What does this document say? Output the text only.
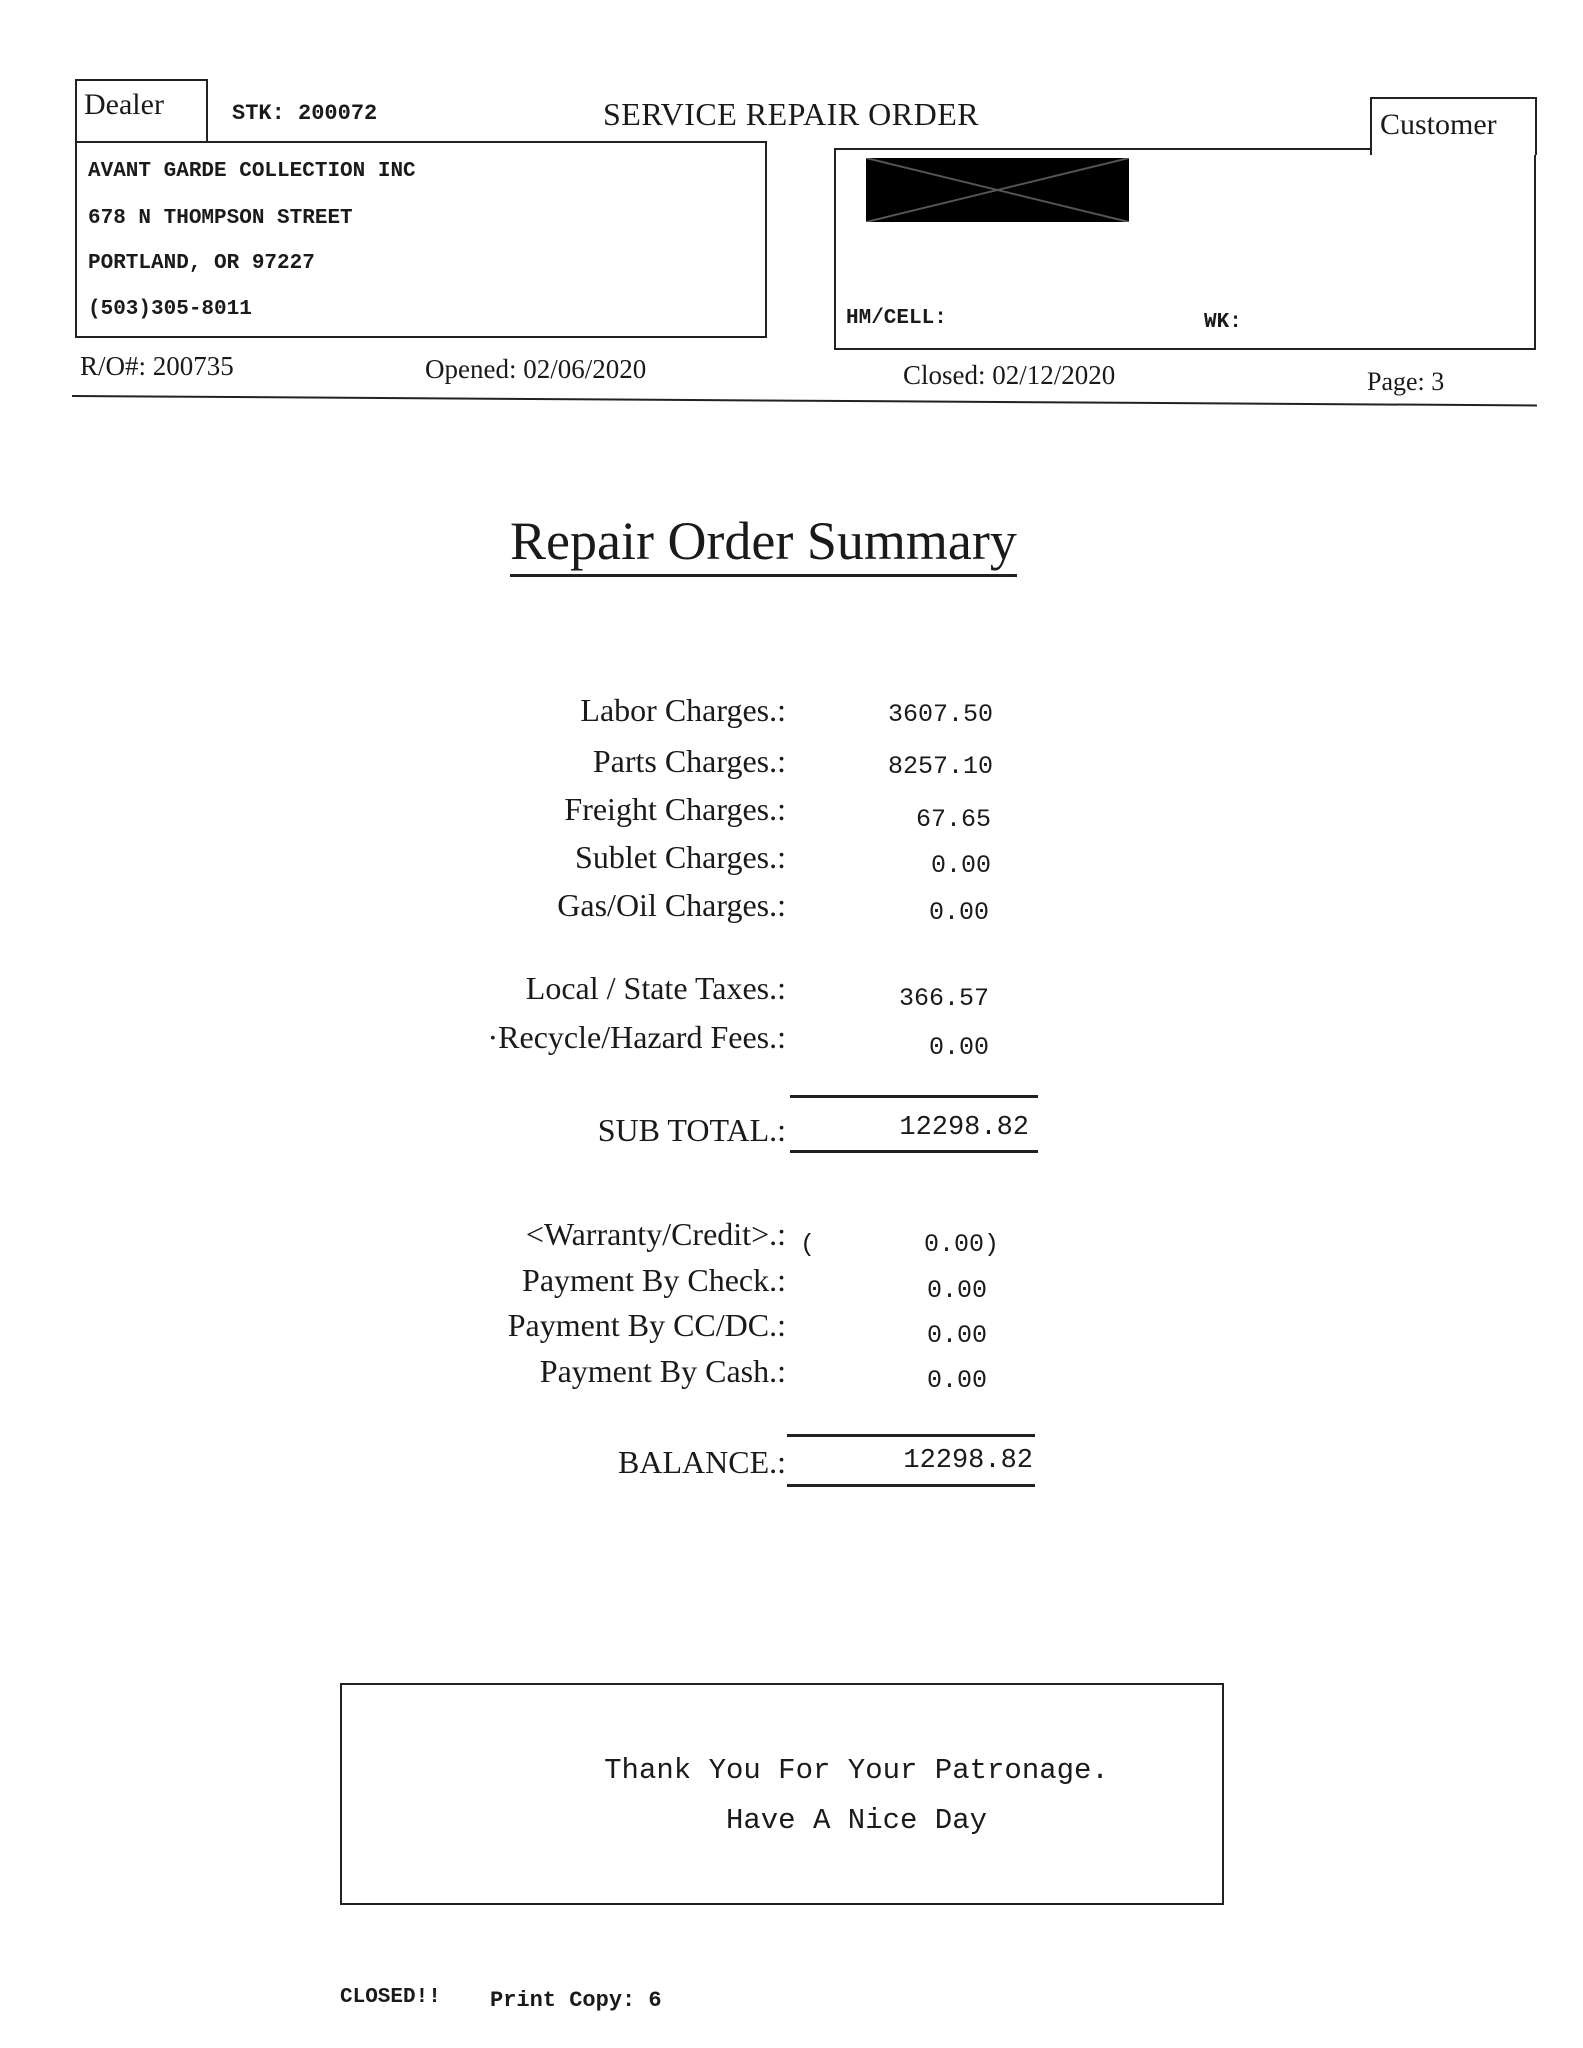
Dealer	STK: 200072	SERVICE REPAIR ORDER
AVANT GARDE COLLECTION INC
678 N THOMPSON STREET
PORTLAND, OR 97227
(503)305-8011
Customer
HM/CELL:	WK:
R/O#: 200735	Opened: 02/06/2020	Closed: 02/12/2020	Page: 3
Repair Order Summary
Labor Charges.:	3607.50
Parts Charges.:	8257.10
Freight Charges.:	67.65
Sublet Charges.:	0.00
Gas/Oil Charges.:	0.00
Local / State Taxes.:	366.57
·Recycle/Hazard Fees.:	0.00
SUB TOTAL.:	12298.82
<Warranty/Credit>.: (	0.00)
Payment By Check.:	0.00
Payment By CC/DC.:	0.00
Payment By Cash.:	0.00
BALANCE.:	12298.82
Thank You For Your Patronage.
Have A Nice Day
CLOSED!! Print Copy: 6
